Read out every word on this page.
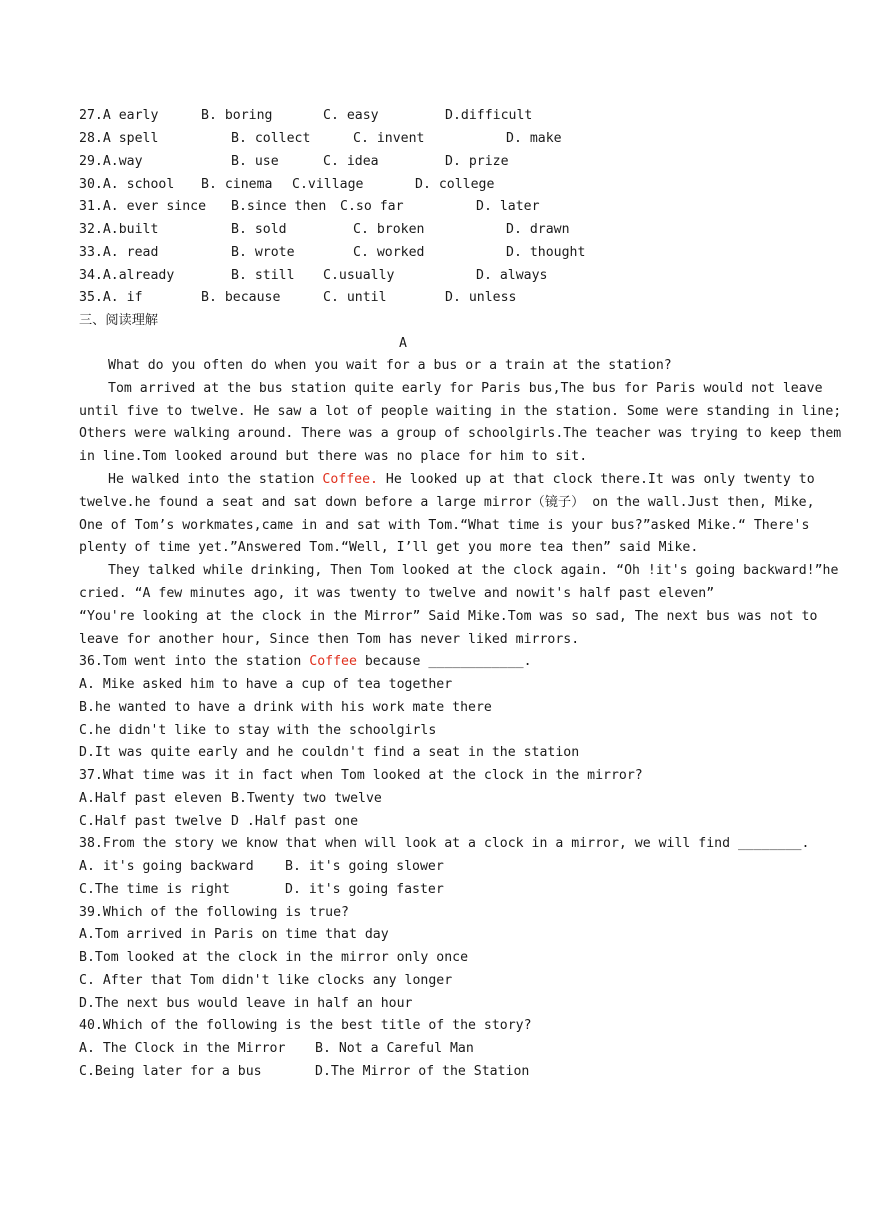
27.A early	B. boring	C. easy	D.difficult
28.A spell	B. collect	C. invent	D. make
29.A.way	B. use	C. idea	D. prize
30.A. school B. cinema C.village	D. college
31.A. ever since B.since then C.so far	D. later
32.A.built	B. sold	C. broken	D. drawn
33.A. read	B. wrote	C. worked	D. thought
34.A.already	B. still C.usually	D. always
35.A. if	B. because	C. until	D. unless
三、阅读理解
A
What do you often do when you wait for a bus or a train at the station?
Tom arrived at the bus station quite early for Paris bus,The bus for Paris would not leave
until five to twelve. He saw a lot of people waiting in the station. Some were standing in line;
Others were walking around. There was a group of schoolgirls.The teacher was trying to keep them
in line.Tom looked around but there was no place for him to sit.
He walked into the station Coffee. He looked up at that clock there.It was only twenty to
twelve.he found a seat and sat down before a large mirror（镜子） on the wall.Just then, Mike,
One of Tom’s workmates,came in and sat with Tom.“What time is your bus?”asked Mike.“ There's
plenty of time yet.”Answered Tom.“Well, I’ll get you more tea then” said Mike.
They talked while drinking, Then Tom looked at the clock again. “Oh !it's going backward!”he
cried. “A few minutes ago, it was twenty to twelve and nowit's half past eleven”
“You're looking at the clock in the Mirror” Said Mike.Tom was so sad, The next bus was not to
leave for another hour, Since then Tom has never liked mirrors.
36.Tom went into the station Coffee because ____________.
A. Mike asked him to have a cup of tea together
B.he wanted to have a drink with his work mate there
C.he didn't like to stay with the schoolgirls
D.It was quite early and he couldn't find a seat in the station
37.What time was it in fact when Tom looked at the clock in the mirror?
A.Half past eleven B.Twenty two twelve
C.Half past twelve D .Half past one
38.From the story we know that when will look at a clock in a mirror, we will find ________.
A. it's going backward B. it's going slower
C.The time is right	D. it's going faster
39.Which of the following is true?
A.Tom arrived in Paris on time that day
B.Tom looked at the clock in the mirror only once
C. After that Tom didn't like clocks any longer
D.The next bus would leave in half an hour
40.Which of the following is the best title of the story?
A. The Clock in the Mirror B. Not a Careful Man
C.Being later for a bus	D.The Mirror of the Station
